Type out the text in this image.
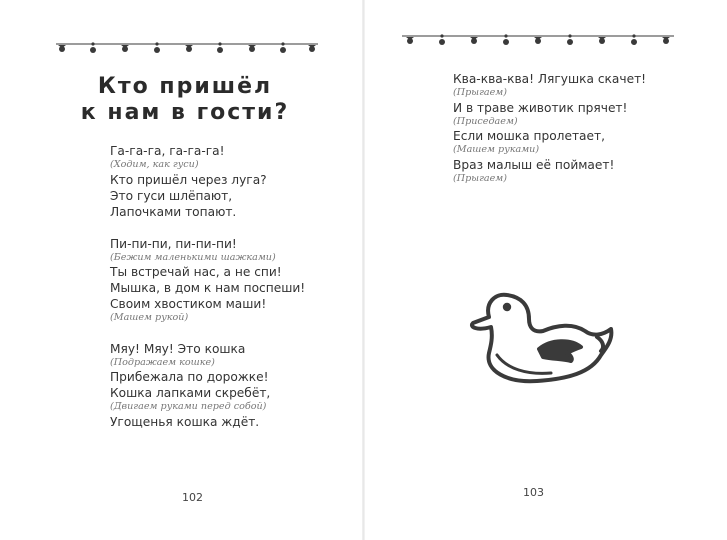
Кто пришёл
к нам в гости?
Га-га-га, га-га-га!
(Ходим, как гуси)
Кто пришёл через луга?
Это гуси шлёпают,
Лапочками топают.
Пи-пи-пи, пи-пи-пи!
(Бежим маленькими шажками)
Ты встречай нас, а не спи!
Мышка, в дом к нам поспеши!
Своим хвостиком маши!
(Машем рукой)
Мяу! Мяу! Это кошка
(Подражаем кошке)
Прибежала по дорожке!
Кошка лапками скребёт,
(Двигаем руками перед собой)
Угощенья кошка ждёт.
102
Ква-ква-ква! Лягушка скачет!
(Прыгаем)
И в траве животик прячет!
(Приседаем)
Если мошка пролетает,
(Машем руками)
Враз малыш её поймает!
(Прыгаем)
103
